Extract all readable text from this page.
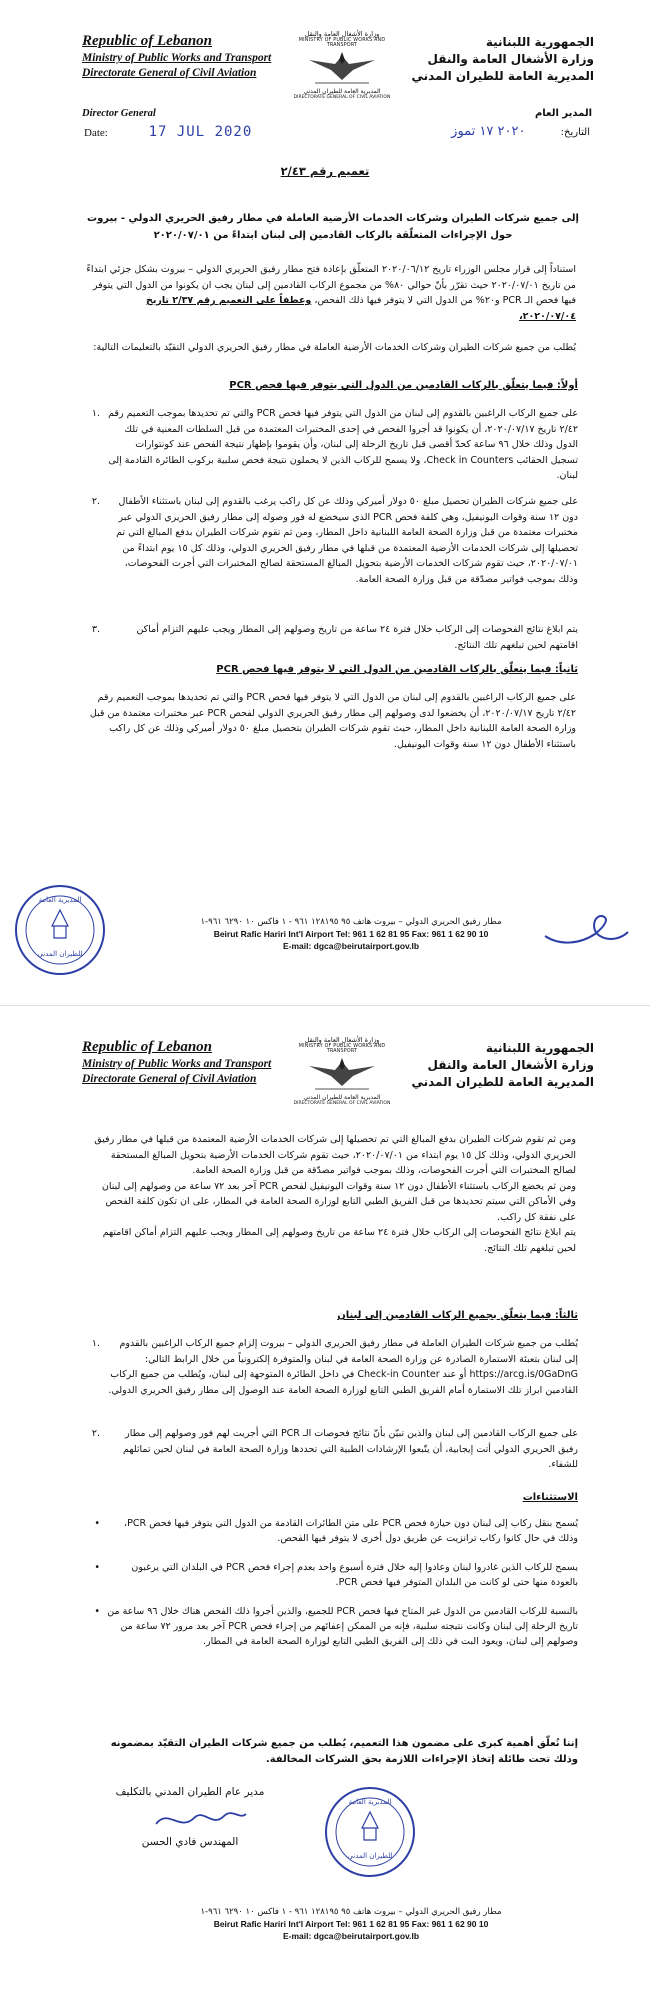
Republic of Lebanon
Ministry of Public Works and Transport
Directorate General of Civil Aviation
وزارة الأشغال العامة والنقل
MINISTRY OF PUBLIC WORKS AND TRANSPORT
المديرية العامة للطيران المدني
DIRECTORATE GENERAL OF CIVIL AVIATION
الجمهورية اللبنانية
وزارة الأشغال العامة والنقل
المديرية العامة للطيران المدني
Director General	المدير العام
Date:	17 JUL 2020	التاريخ: ٢٠٢٠ ١٧ تموز
تعميم رقم ٢/٤٣
إلى جميع شركات الطيران وشركات الخدمات الأرضية العاملة في مطار رفيق الحريري الدولي - بيروت
حول الإجراءات المتعلّقة بالركاب القادمين إلى لبنان ابتداءً من ٢٠٢٠/٠٧/٠١

استناداً إلى قرار مجلس الوزراء تاريخ ٢٠٢٠/٠٦/١٢ المتعلّق بإعادة فتح مطار رفيق الحريري الدولي – بيروت بشكل جزئي ابتداءً من تاريخ ٢٠٢٠/٠٧/٠١ حيث تقرّر بأنّ حوالي ٨٠% من مجموع الركاب القادمين إلى لبنان يجب ان يكونوا من الدول التي يتوفر فيها فحص الـ PCR و٢٠% من الدول التي لا يتوفر فيها ذلك الفحص، وعطفاً على التعميم رقم ٢/٣٧ تاريخ ٢٠٢٠/٠٧/٠٤،

يُطلب من جميع شركات الطيران وشركات الخدمات الأرضية العاملة في مطار رفيق الحريري الدولي التقيّد بالتعليمات التالية:

أولاً: فيما يتعلّق بالركاب القادمين من الدول التي يتوفر فيها فحص PCR
.١ على جميع الركاب الراغبين بالقدوم إلى لبنان من الدول التي يتوفر فيها فحص PCR والتي تم تحديدها بموجب التعميم رقم ٢/٤٢ تاريخ ٢٠٢٠/٠٧/١٧، أن يكونوا قد أجروا الفحص في إحدى المختبرات المعتمدة من قبل السلطات المعنية في تلك الدول وذلك خلال ٩٦ ساعة كحدّ أقصى قبل تاريخ الرحلة إلى لبنان، وأن يقوموا بإظهار نتيجة الفحص عند كونتوارات تسجيل الحقائب Check in Counters، ولا يسمح للركاب الذين لا يحملون نتيجة فحص سلبية بركوب الطائرة القادمة إلى لبنان.
.٢	على جميع شركات الطيران تحصيل مبلغ ٥٠ دولار أميركي وذلك عن كل راكب يرغب بالقدوم إلى لبنان باستثناء الأطفال دون ١٢ سنة وقوات اليونيفيل، وهي كلفة فحص PCR الذي سيخضع له فور وصوله إلى مطار رفيق الحريري الدولي عبر مختبرات معتمدة من قبل وزارة الصحة العامة اللبنانية داخل المطار، ومن ثم تقوم شركات الطيران بدفع المبالغ التي تم تحصيلها إلى شركات الخدمات الأرضية المعتمدة من قبلها في مطار رفيق الحريري الدولي، وذلك كل ١٥ يوم ابتداءً من ٢٠٢٠/٠٧/٠١، حيث تقوم شركات الخدمات الأرضية بتحويل المبالغ المستحقة لصالح المختبرات التي أجرت الفحوصات، وذلك بموجب فواتير مصدّقة من قبل وزارة الصحة العامة.
.٣	يتم ابلاغ نتائج الفحوصات إلى الركاب خلال فترة ٢٤ ساعة من تاريخ وصولهم إلى المطار ويجب عليهم التزام أماكن اقامتهم لحين تبلغهم تلك النتائج.
ثانياً: فيما يتعلّق بالركاب القادمين من الدول التي لا يتوفر فيها فحص PCR

على جميع الركاب الراغبين بالقدوم إلى لبنان من الدول التي لا يتوفر فيها فحص PCR والتي تم تحديدها بموجب التعميم رقم ٢/٤٢ تاريخ ٢٠٢٠/٠٧/١٧، أن يخضعوا لدى وصولهم إلى مطار رفيق الحريري الدولي لفحص PCR عبر مختبرات معتمدة من قبل وزارة الصحة العامة اللبنانية داخل المطار، حيث تقوم شركات الطيران بتحصيل مبلغ ٥٠ دولار أميركي وذلك عن كل راكب باستثناء الأطفال دون ١٢ سنة وقوات اليونيفيل.

المديرية العامة
للطيران المدني
مطار رفيق الحريري الدولي – بيروت هاتف ٩٥ ١٢٨١٩٥ ٩٦١ - ١ فاكس ١٠ ٦٢٩٠ ٩٦١-١
Beirut Rafic Hariri Int'l Airport Tel: 961 1 62 81 95 Fax: 961 1 62 90 10
E-mail: dgca@beirutairport.gov.lb
Republic of Lebanon
Ministry of Public Works and Transport
Directorate General of Civil Aviation
وزارة الأشغال العامة والنقل
MINISTRY OF PUBLIC WORKS AND TRANSPORT
المديرية العامة للطيران المدني
DIRECTORATE GENERAL OF CIVIL AVIATION
الجمهورية اللبنانية
وزارة الأشغال العامة والنقل
المديرية العامة للطيران المدني

ومن ثم تقوم شركات الطيران بدفع المبالغ التي تم تحصيلها إلى شركات الخدمات الأرضية المعتمدة من قبلها في مطار رفيق الحريري الدولي، وذلك كل ١٥ يوم ابتداء من ٢٠٢٠/٠٧/٠١، حيث تقوم شركات الخدمات الأرضية بتحويل المبالغ المستحقة لصالح المختبرات التي أجرت الفحوصات، وذلك بموجب فواتير مصدّقة من قبل وزارة الصحة العامة.

ومن ثم يخضع الركاب باستثناء الأطفال دون ١٢ سنة وقوات اليونيفيل لفحص PCR آخر بعد ٧٢ ساعة من وصولهم إلى لبنان وفي الأماكن التي سيتم تحديدها من قبل الفريق الطبي التابع لوزارة الصحة العامة في المطار، على ان تكون كلفة الفحص على نفقة كل راكب.

يتم ابلاغ نتائج الفحوصات إلى الركاب خلال فترة ٢٤ ساعة من تاريخ وصولهم إلى المطار ويجب عليهم التزام أماكن اقامتهم لحين تبلغهم تلك النتائج.

ثالثاً: فيما يتعلّق بجميع الركاب القادمين إلى لبنان
.١	يُطلب من جميع شركات الطيران العاملة في مطار رفيق الحريري الدولي – بيروت إلزام جميع الركاب الراغبين بالقدوم إلى لبنان بتعبئة الاستمارة الصادرة عن وزارة الصحة العامة في لبنان والمتوفرة إلكترونياً من خلال الرابط التالي: https://arcg.is/0GaDnG أو عند Check-in Counter في داخل الطائرة المتوجهة إلى لبنان، ويُطلب من جميع الركاب القادمين ابراز تلك الاستمارة أمام الفريق الطبي التابع لوزارة الصحة العامة عند الوصول إلى مطار رفيق الحريري الدولي.
.٢	على جميع الركاب القادمين إلى لبنان والذين تبيّن بأنّ نتائج فحوصات الـ PCR التي أجريت لهم فور وصولهم إلى مطار رفيق الحريري الدولي أتت إيجابية، أن يتّبعوا الإرشادات الطبية التي تحددها وزارة الصحة العامة في لبنان لحين تماثلهم للشفاء.
الاستثناءات
•	يُسمح بنقل ركاب إلى لبنان دون حيازة فحص PCR على متن الطائرات القادمة من الدول التي يتوفر فيها فحص PCR، وذلك في حال كانوا ركاب ترانزيت عن طريق دول أخرى لا يتوفر فيها الفحص.
•	يسمح للركاب الذين غادروا لبنان وعادوا إليه خلال فترة أسبوع واحد بعدم إجراء فحص PCR في البلدان التي يرغبون بالعودة منها حتى لو كانت من البلدان المتوفر فيها فحص PCR.
• بالنسبة للركاب القادمين من الدول غير المتاح فيها فحص PCR للجميع، والذين أجروا ذلك الفحص هناك خلال ٩٦ ساعة من تاريخ الرحلة إلى لبنان وكانت نتيجته سلبية، فإنه من الممكن إعفائهم من إجراء فحص PCR آخر بعد مرور ٧٢ ساعة من وصولهم إلى لبنان، ويعود البت في ذلك إلى الفريق الطبي التابع لوزارة الصحة العامة في المطار.
إننا نُعلّق أهمية كبرى على مضمون هذا التعميم، يُطلب من جميع شركات الطيران التقيّد بمضمونه وذلك تحت طائلة إتخاذ الإجراءات اللازمة بحق الشركات المخالفة.
مدير عام الطيران المدني بالتكليف
المهندس فادي الحسن
المديرية العامة
للطيران المدني
مطار رفيق الحريري الدولي – بيروت هاتف ٩٥ ١٢٨١٩٥ ٩٦١ - ١ فاكس ١٠ ٦٢٩٠ ٩٦١-١
Beirut Rafic Hariri Int'l Airport Tel: 961 1 62 81 95 Fax: 961 1 62 90 10
E-mail: dgca@beirutairport.gov.lb
